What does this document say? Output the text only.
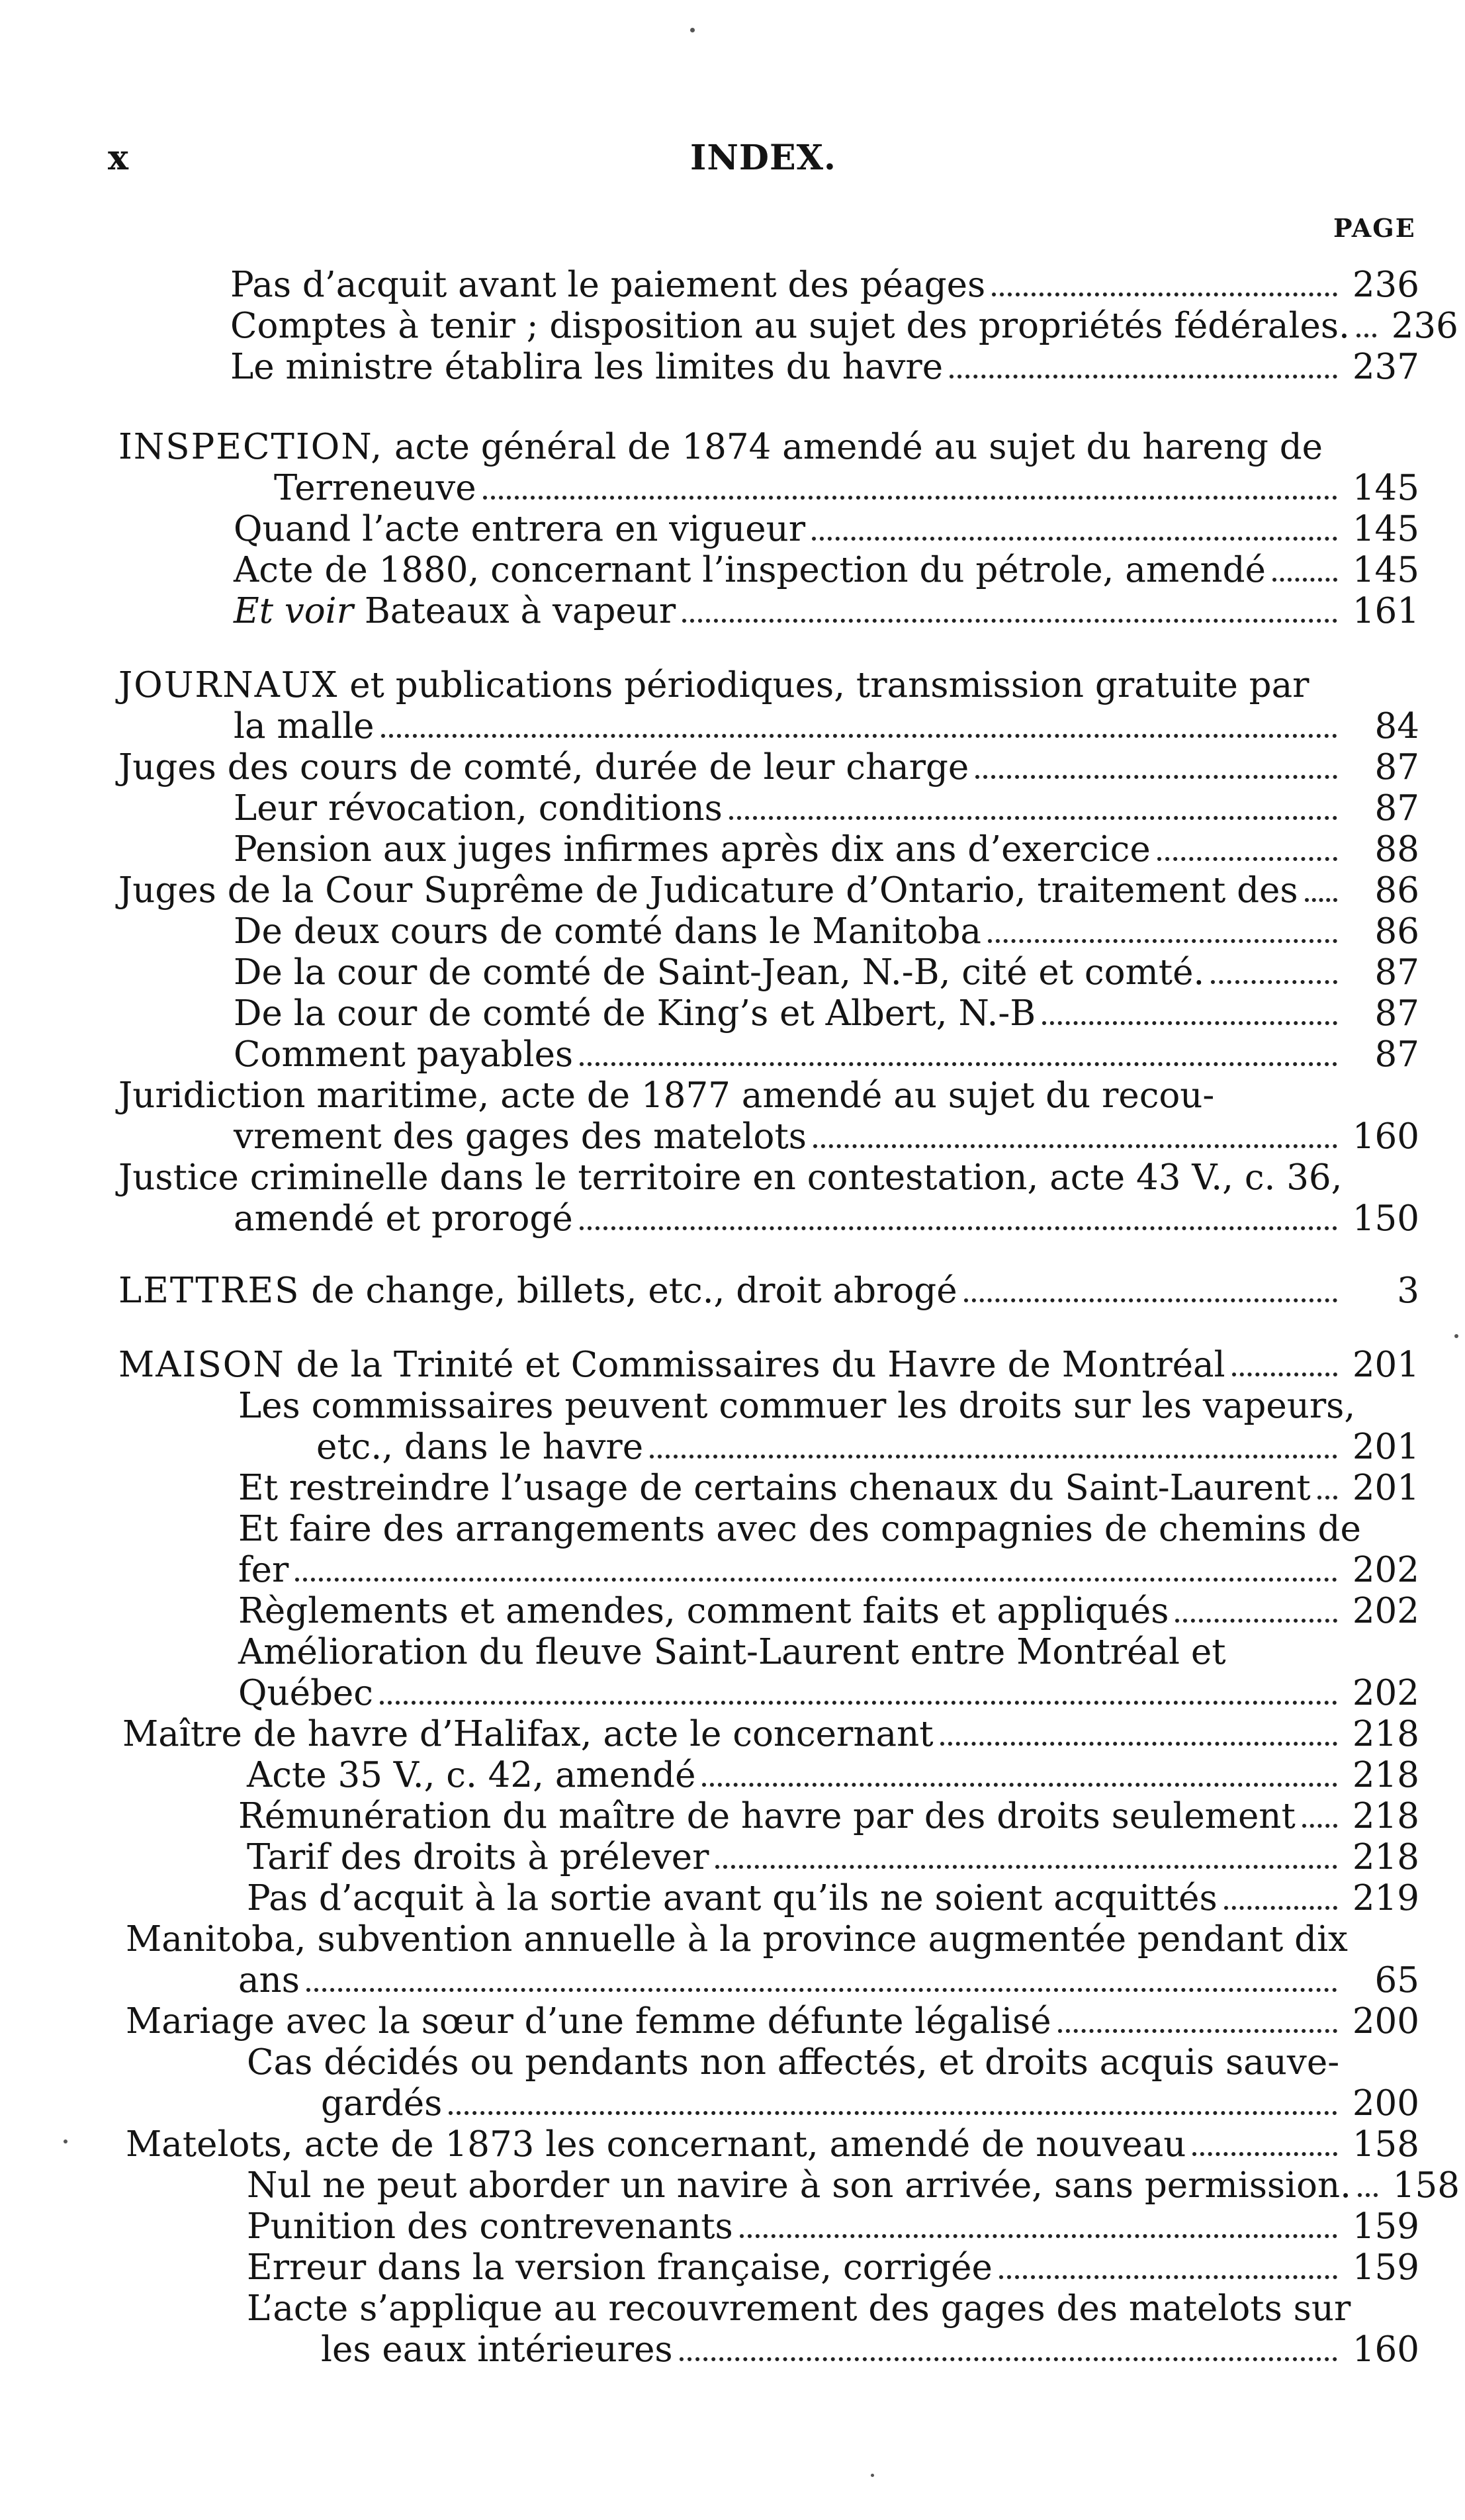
x	INDEX.
PAGE
Pas d’acquit avant le paiement des péages	236
Comptes à tenir ; disposition au sujet des propriétés fédérales. 236
Le ministre établira les limites du havre	237
INSPECTION, acte général de 1874 amendé au sujet du hareng de
Terreneuve	145
Quand l’acte entrera en vigueur	145
Acte de 1880, concernant l’inspection du pétrole, amendé 145
Et voir Bateaux à vapeur	161
JOURNAUX et publications périodiques, transmission gratuite par
la malle	84
Juges des cours de comté, durée de leur charge	87
Leur révocation, conditions	87
Pension aux juges infirmes après dix ans d’exercice	88
Juges de la Cour Suprême de Judicature d’Ontario, traitement des	86
De deux cours de comté dans le Manitoba	86
De la cour de comté de Saint-Jean, N.-B, cité et comté.	87
De la cour de comté de King’s et Albert, N.-B	87
Comment payables	87
Juridiction maritime, acte de 1877 amendé au sujet du recou-
vrement des gages des matelots	160
Justice criminelle dans le territoire en contestation, acte 43 V., c. 36,
amendé et prorogé	150
LETTRES de change, billets, etc., droit abrogé	3
MAISON de la Trinité et Commissaires du Havre de Montréal	201
Les commissaires peuvent commuer les droits sur les vapeurs,
etc., dans le havre	201
Et restreindre l’usage de certains chenaux du Saint-Laurent 201
Et faire des arrangements avec des compagnies de chemins de
fer	202
Règlements et amendes, comment faits et appliqués	202
Amélioration du fleuve Saint-Laurent entre Montréal et
Québec	202
Maître de havre d’Halifax, acte le concernant	218
Acte 35 V., c. 42, amendé	218
Rémunération du maître de havre par des droits seulement 218
Tarif des droits à prélever	218
Pas d’acquit à la sortie avant qu’ils ne soient acquittés	219
Manitoba, subvention annuelle à la province augmentée pendant dix
ans	65
Mariage avec la sœur d’une femme défunte légalisé	200
Cas décidés ou pendants non affectés, et droits acquis sauve-
gardés	200
Matelots, acte de 1873 les concernant, amendé de nouveau	158
Nul ne peut aborder un navire à son arrivée, sans permission. 158
Punition des contrevenants	159
Erreur dans la version française, corrigée	159
L’acte s’applique au recouvrement des gages des matelots sur
les eaux intérieures	160
